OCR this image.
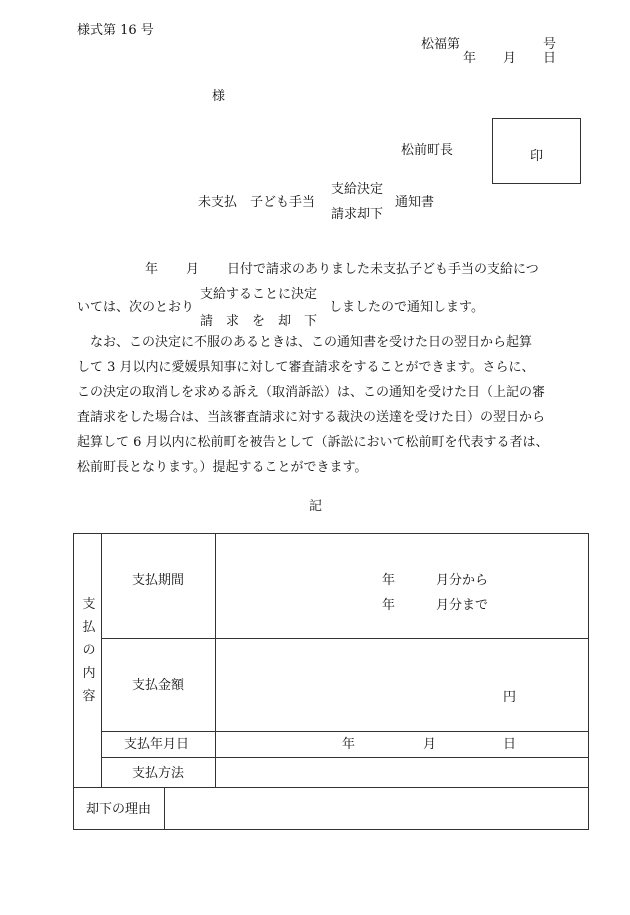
様式第 16 号
松福第	号
年 月 日
様
松前町長	印
未支払　子ども手当
支給決定
請求却下
通知書
年 月 日付で請求のありました未支払子ども手当の支給につ
いては、次のとおり
支給することに決定
請　求　を　却　下
しましたので通知します。
　なお、この決定に不服のあるときは、この通知書を受けた日の翌日から起算
して 3 月以内に愛媛県知事に対して審査請求をすることができます。さらに、
この決定の取消しを求める訴え（取消訴訟）は、この通知を受けた日（上記の審
査請求をした場合は、当該審査請求に対する裁決の送達を受けた日）の翌日から
起算して 6 月以内に松前町を被告として（訴訟において松前町を代表する者は、
松前町長となります。）提起することができます。
記
支
払
の
内
容	支払期間		年 月分から
年 月分まで

	支払金額		円

	支払年月日		年 月 日

	支払方法		

却下の理由			
